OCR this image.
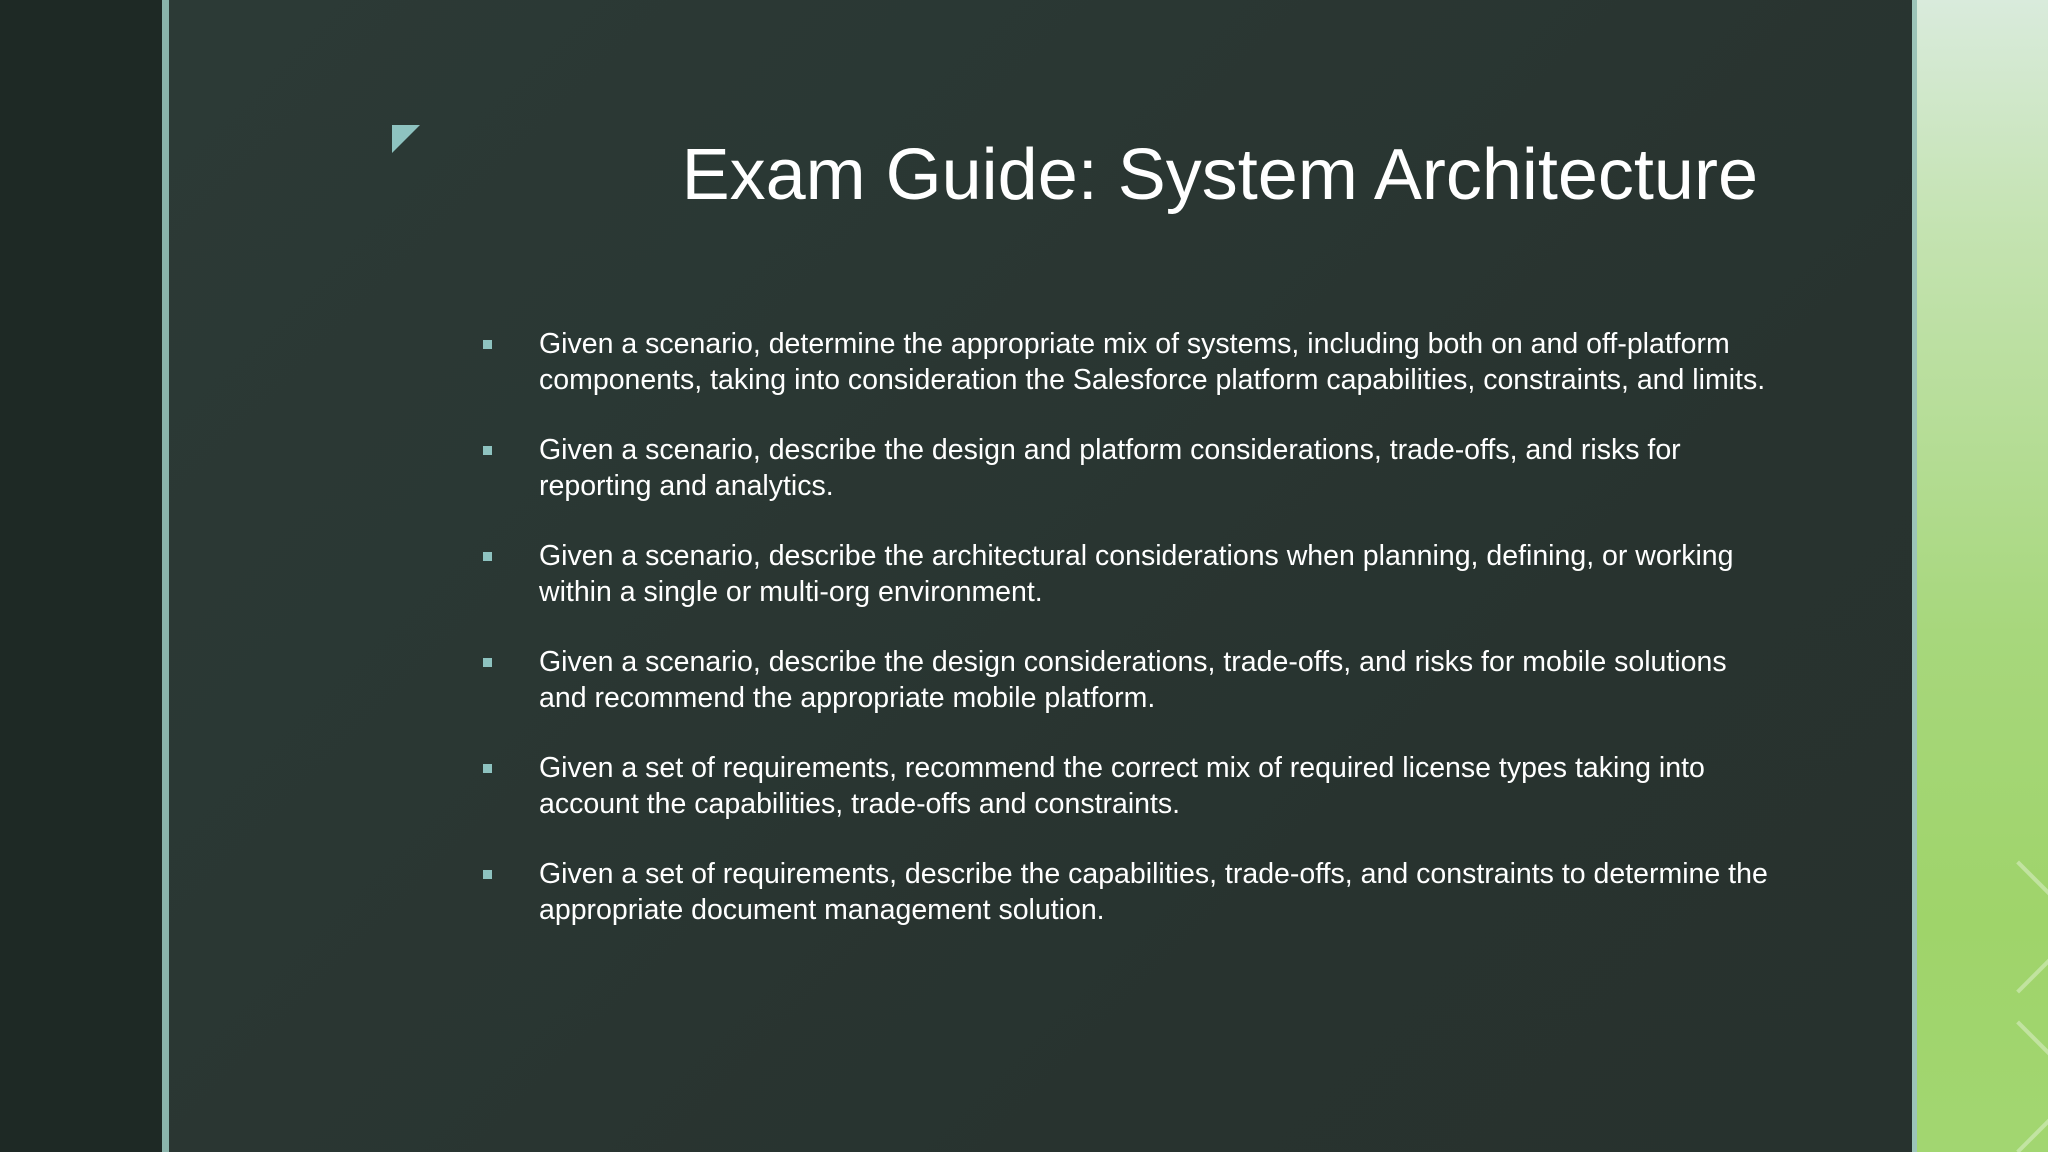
Exam Guide: System Architecture
Given a scenario, determine the appropriate mix of systems, including both on and off-platform components, taking into consideration the Salesforce platform capabilities, constraints, and limits.
Given a scenario, describe the design and platform considerations, trade-offs, and risks for reporting and analytics.
Given a scenario, describe the architectural considerations when planning, defining, or working within a single or multi-org environment.
Given a scenario, describe the design considerations, trade-offs, and risks for mobile solutions and recommend the appropriate mobile platform.
Given a set of requirements, recommend the correct mix of required license types taking into account the capabilities, trade-offs and constraints.
Given a set of requirements, describe the capabilities, trade-offs, and constraints to determine the appropriate document management solution.
